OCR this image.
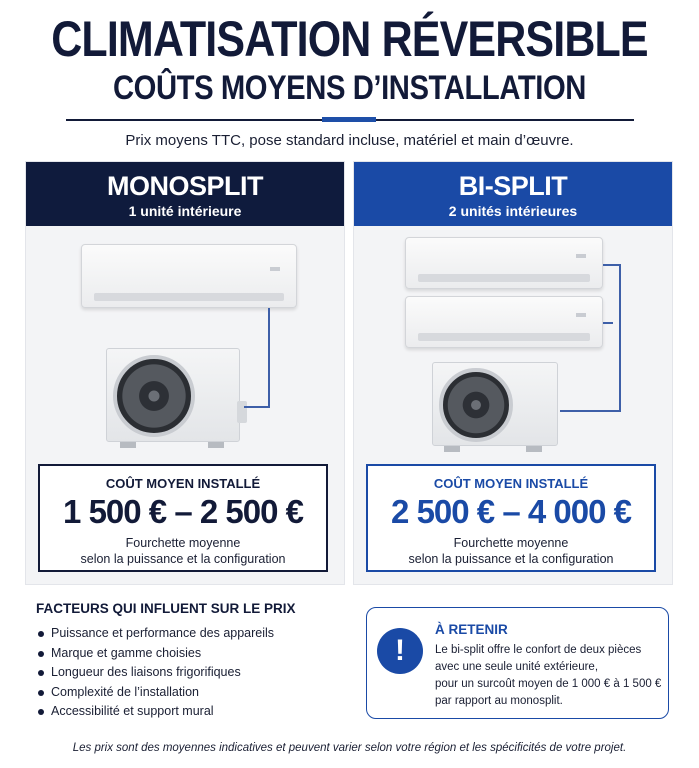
CLIMATISATION RÉVERSIBLE
COÛTS MOYENS D’INSTALLATION
Prix moyens TTC, pose standard incluse, matériel et main d’œuvre.
MONOSPLIT
1 unité intérieure
COÛT MOYEN INSTALLÉ
1 500 € – 2 500 €
Fourchette moyenne
selon la puissance et la configuration
BI-SPLIT
2 unités intérieures
COÛT MOYEN INSTALLÉ
2 500 € – 4 000 €
Fourchette moyenne
selon la puissance et la configuration
FACTEURS QUI INFLUENT SUR LE PRIX
Puissance et performance des appareils
Marque et gamme choisies
Longueur des liaisons frigorifiques
Complexité de l’installation
Accessibilité et support mural
!
À RETENIR
Le bi-split offre le confort de deux pièces
avec une seule unité extérieure,
pour un surcoût moyen de 1 000 € à 1 500 €
par rapport au monosplit.
Les prix sont des moyennes indicatives et peuvent varier selon votre région et les spécificités de votre projet.
